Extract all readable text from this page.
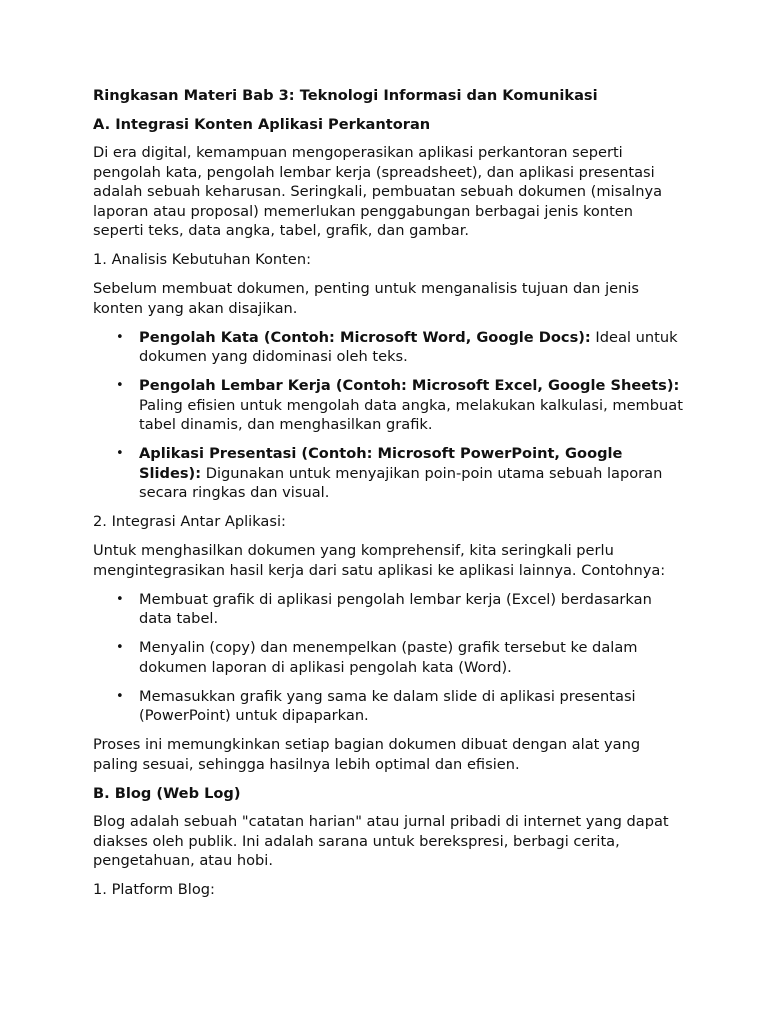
Ringkasan Materi Bab 3: Teknologi Informasi dan Komunikasi

A. Integrasi Konten Aplikasi Perkantoran

Di era digital, kemampuan mengoperasikan aplikasi perkantoran seperti pengolah kata, pengolah lembar kerja (spreadsheet), dan aplikasi presentasi adalah sebuah keharusan. Seringkali, pembuatan sebuah dokumen (misalnya laporan atau proposal) memerlukan penggabungan berbagai jenis konten seperti teks, data angka, tabel, grafik, dan gambar.

1. Analisis Kebutuhan Konten:

Sebelum membuat dokumen, penting untuk menganalisis tujuan dan jenis konten yang akan disajikan.

• Pengolah Kata (Contoh: Microsoft Word, Google Docs): Ideal untuk dokumen yang didominasi oleh teks.
• Pengolah Lembar Kerja (Contoh: Microsoft Excel, Google Sheets): Paling efisien untuk mengolah data angka, melakukan kalkulasi, membuat tabel dinamis, dan menghasilkan grafik.
• Aplikasi Presentasi (Contoh: Microsoft PowerPoint, Google Slides): Digunakan untuk menyajikan poin-poin utama sebuah laporan secara ringkas dan visual.

2. Integrasi Antar Aplikasi:

Untuk menghasilkan dokumen yang komprehensif, kita seringkali perlu mengintegrasikan hasil kerja dari satu aplikasi ke aplikasi lainnya. Contohnya:

• Membuat grafik di aplikasi pengolah lembar kerja (Excel) berdasarkan data tabel.
• Menyalin (copy) dan menempelkan (paste) grafik tersebut ke dalam dokumen laporan di aplikasi pengolah kata (Word).
• Memasukkan grafik yang sama ke dalam slide di aplikasi presentasi (PowerPoint) untuk dipaparkan.

Proses ini memungkinkan setiap bagian dokumen dibuat dengan alat yang paling sesuai, sehingga hasilnya lebih optimal dan efisien.

B. Blog (Web Log)

Blog adalah sebuah "catatan harian" atau jurnal pribadi di internet yang dapat diakses oleh publik. Ini adalah sarana untuk berekspresi, berbagi cerita, pengetahuan, atau hobi.

1. Platform Blog:
